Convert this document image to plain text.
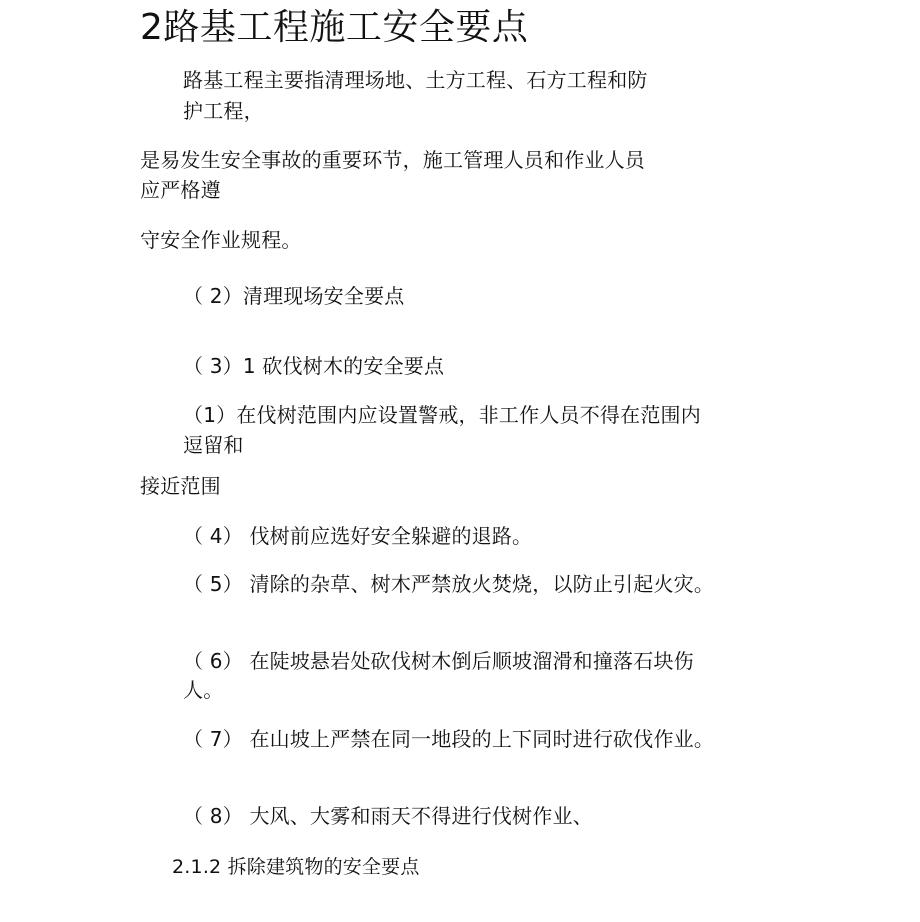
2路基工程施工安全要点

路基工程主要指清理场地、土方工程、石方工程和防

护工程，

是易发生安全事故的重要环节，施工管理人员和作业人员

应严格遵

守安全作业规程。

（ 2）清理现场安全要点

（ 3）1 砍伐树木的安全要点

（1）在伐树范围内应设置警戒，非工作人员不得在范围内

逗留和

接近范围

（ 4） 伐树前应选好安全躲避的退路。

（ 5） 清除的杂草、树木严禁放火焚烧，以防止引起火灾。

（ 6） 在陡坡悬岩处砍伐树木倒后顺坡溜滑和撞落石块伤

人。

（ 7） 在山坡上严禁在同一地段的上下同时进行砍伐作业。

（ 8） 大风、大雾和雨天不得进行伐树作业、

2.1.2 拆除建筑物的安全要点
